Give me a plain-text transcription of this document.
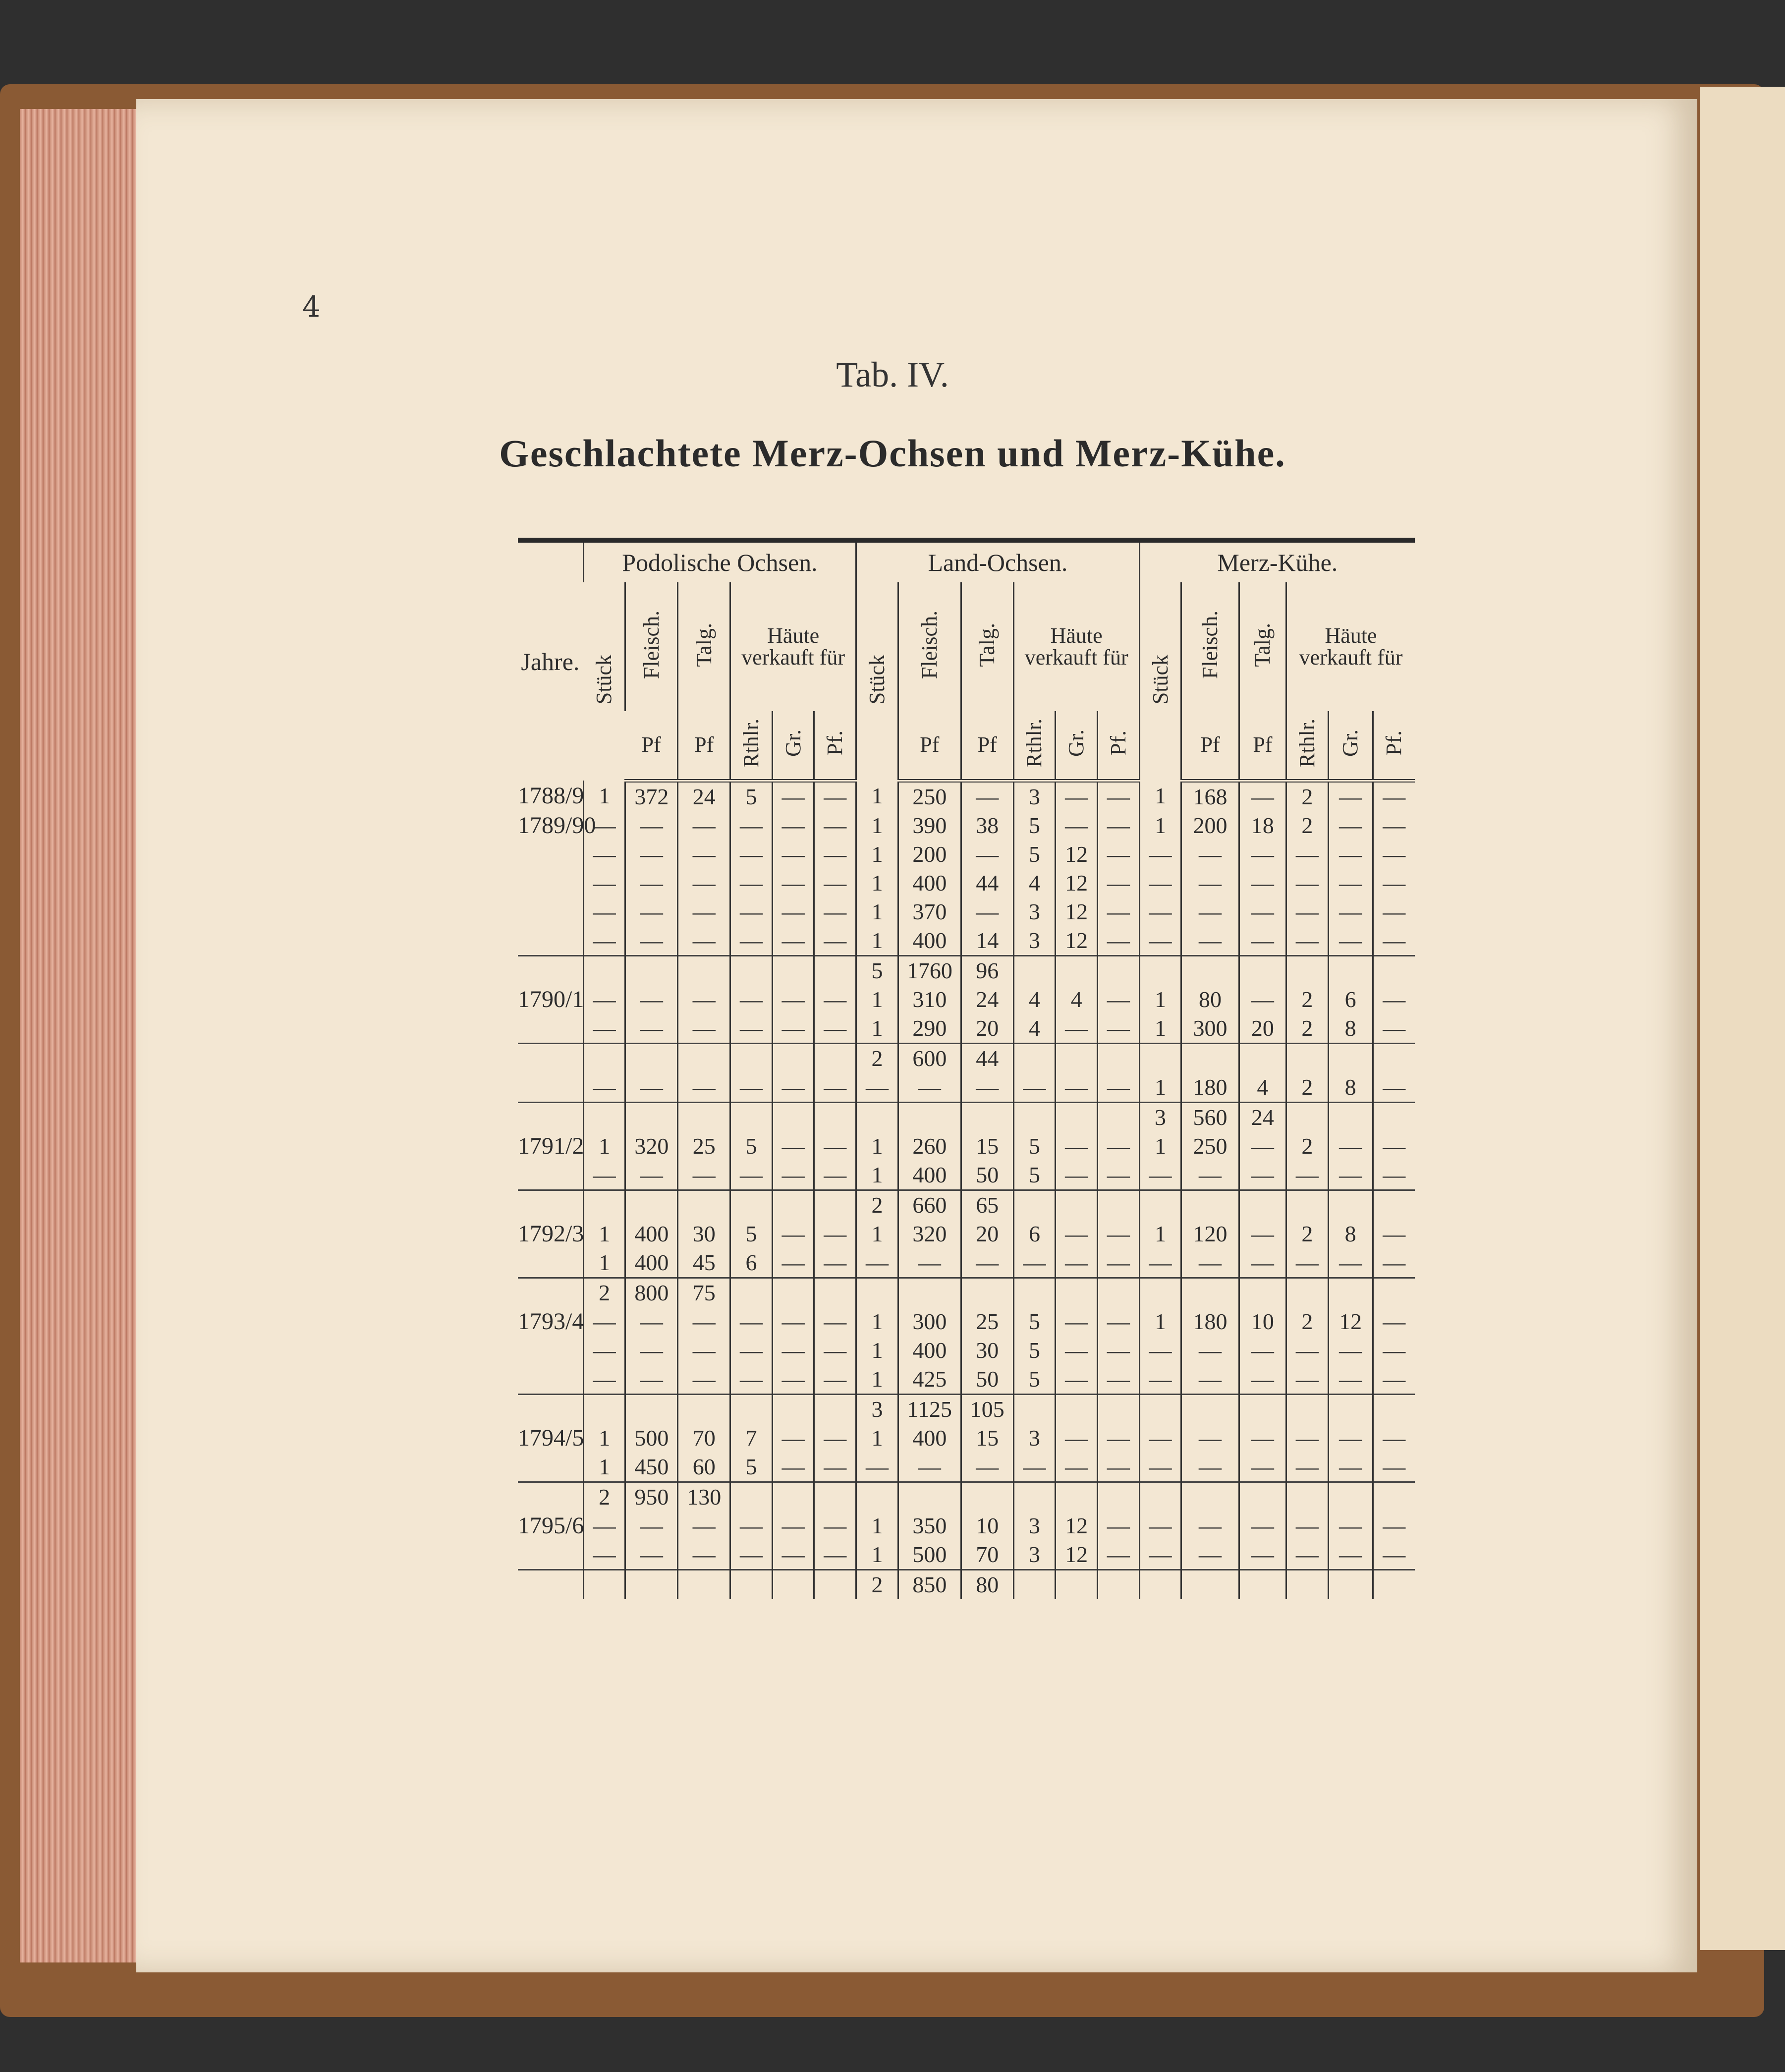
4
Tab. IV.
Geschlachtete Merz-Ochsen und Merz-Kühe.
Jahre.	Podolische Ochsen.						Land-Ochsen.						Merz-Kühe.					
	Stück	Fleisch.	Talg.	Häute verkauft für			Stück	Fleisch.	Talg.	Häute verkauft für			Stück	Fleisch.	Talg.	Häute verkauft für		
		Pf	Pf	Rthlr.	Gr.	Pf.		Pf	Pf	Rthlr.	Gr.	Pf.		Pf	Pf	Rthlr.	Gr.	Pf.
1788/9	1	372	24	5	—	—	1	250	—	3	—	—	1	168	—	2	—	—
1789/90	—	—	—	—	—	—	1	390	38	5	—	—	1	200	18	2	—	—
	—	—	—	—	—	—	1	200	—	5	12	—	—	—	—	—	—	—
	—	—	—	—	—	—	1	400	44	4	12	—	—	—	—	—	—	—
	—	—	—	—	—	—	1	370	—	3	12	—	—	—	—	—	—	—
	—	—	—	—	—	—	1	400	14	3	12	—	—	—	—	—	—	—
							5	1760	96									
1790/1	—	—	—	—	—	—	1	310	24	4	4	—	1	80	—	2	6	—
	—	—	—	—	—	—	1	290	20	4	—	—	1	300	20	2	8	—
							2	600	44									
	—	—	—	—	—	—	—	—	—	—	—	—	1	180	4	2	8	—
													3	560	24			
1791/2	1	320	25	5	—	—	1	260	15	5	—	—	1	250	—	2	—	—
	—	—	—	—	—	—	1	400	50	5	—	—	—	—	—	—	—	—
							2	660	65									
1792/3	1	400	30	5	—	—	1	320	20	6	—	—	1	120	—	2	8	—
	1	400	45	6	—	—	—	—	—	—	—	—	—	—	—	—	—	—
	2	800	75															
1793/4	—	—	—	—	—	—	1	300	25	5	—	—	1	180	10	2	12	—
	—	—	—	—	—	—	1	400	30	5	—	—	—	—	—	—	—	—
	—	—	—	—	—	—	1	425	50	5	—	—	—	—	—	—	—	—
							3	1125	105									
1794/5	1	500	70	7	—	—	1	400	15	3	—	—	—	—	—	—	—	—
	1	450	60	5	—	—	—	—	—	—	—	—	—	—	—	—	—	—
	2	950	130															
1795/6	—	—	—	—	—	—	1	350	10	3	12	—	—	—	—	—	—	—
	—	—	—	—	—	—	1	500	70	3	12	—	—	—	—	—	—	—
							2	850	80									
